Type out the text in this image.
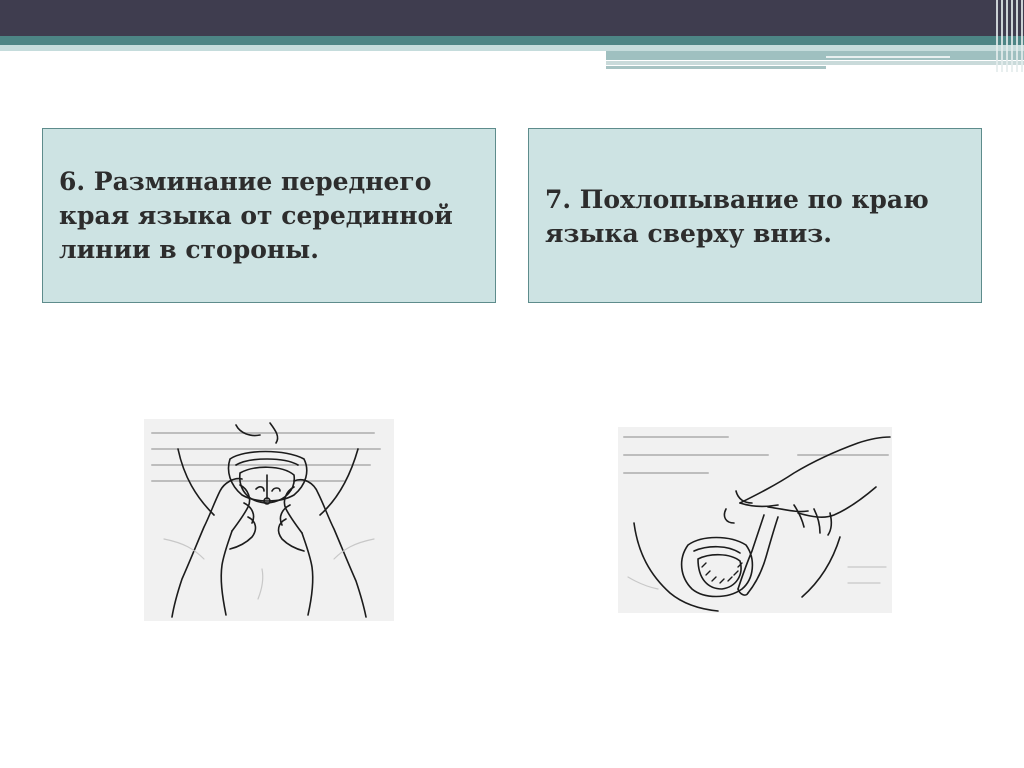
6. Разминание переднего края языка от серединной линии в стороны.
7. Похлопывание по краю языка сверху вниз.
